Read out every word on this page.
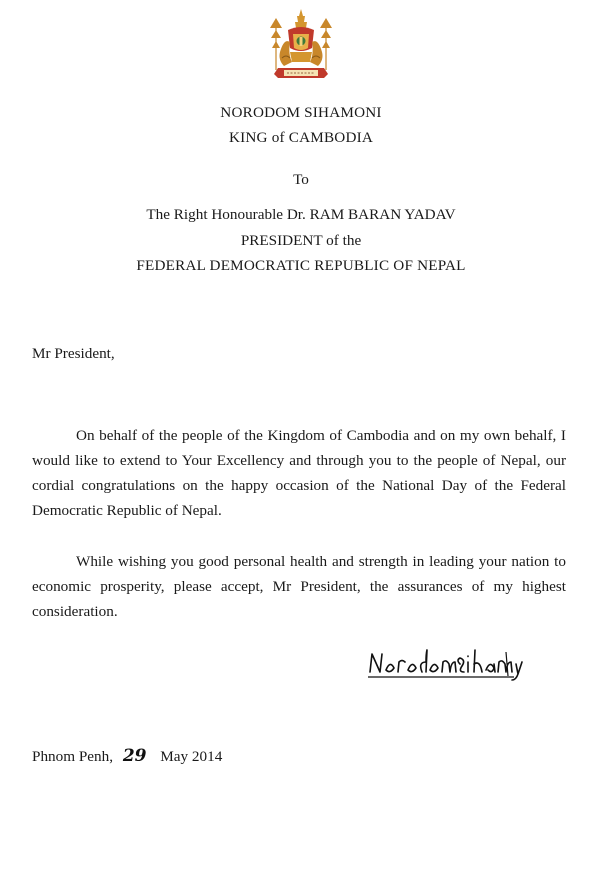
NORODOM SIHAMONI

KING of CAMBODIA

To

The Right Honourable Dr. RAM BARAN YADAV

PRESIDENT of the

FEDERAL DEMOCRATIC REPUBLIC OF NEPAL

Mr President,

On behalf of the people of the Kingdom of Cambodia and on my own behalf, I would like to extend to Your Excellency and through you to the people of Nepal, our cordial congratulations on the happy occasion of the National Day of the Federal Democratic Republic of Nepal.

While wishing you good personal health and strength in leading your nation to economic prosperity, please accept, Mr President, the assurances of my highest consideration.

Phnom Penh, 29 May 2014
